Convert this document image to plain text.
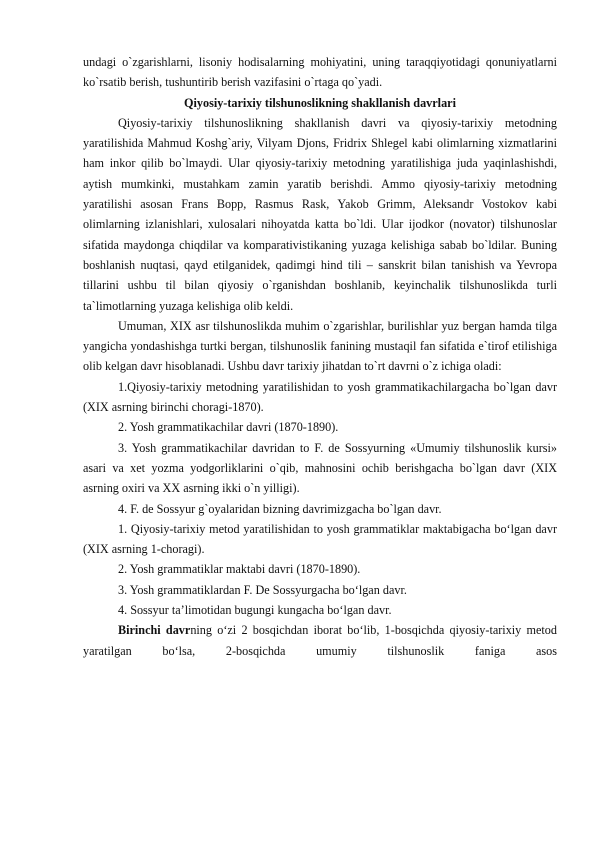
undagi o`zgarishlarni, lisoniy hodisalarning mohiyatini, uning taraqqiyotidagi qonuniyatlarni ko`rsatib berish, tushuntirib berish vazifasini o`rtaga qo`yadi.

Qiyosiy-tarixiy tilshunoslikning shakllanish davrlari

Qiyosiy-tarixiy tilshunoslikning shakllanish davri va qiyosiy-tarixiy metodning yaratilishida Mahmud Koshg`ariy, Vilyam Djons, Fridrix Shlegel kabi olimlarning xizmatlarini ham inkor qilib bo`lmaydi. Ular qiyosiy-tarixiy metodning yaratilishiga juda yaqinlashishdi, aytish mumkinki, mustahkam zamin yaratib berishdi. Ammo qiyosiy-tarixiy metodning yaratilishi asosan Frans Bopp, Rasmus Rask, Yakob Grimm, Aleksandr Vostokov kabi olimlarning izlanishlari, xulosalari nihoyatda katta bo`ldi. Ular ijodkor (novator) tilshunoslar sifatida maydonga chiqdilar va komparativistikaning yuzaga kelishiga sabab bo`ldilar. Buning boshlanish nuqtasi, qayd etilganidek, qadimgi hind tili – sanskrit bilan tanishish va Yevropa tillarini ushbu til bilan qiyosiy o`rganishdan boshlanib, keyinchalik tilshunoslikda turli ta`limotlarning yuzaga kelishiga olib keldi.

Umuman, XIX asr tilshunoslikda muhim o`zgarishlar, burilishlar yuz bergan hamda tilga yangicha yondashishga turtki bergan, tilshunoslik fanining mustaqil fan sifatida e`tirof etilishiga olib kelgan davr hisoblanadi. Ushbu davr tarixiy jihatdan to`rt davrni o`z ichiga oladi:

1.Qiyosiy-tarixiy metodning yaratilishidan to yosh grammatikachilargacha bo`lgan davr (XIX asrning birinchi choragi-1870).

2. Yosh grammatikachilar davri (1870-1890).

3. Yosh grammatikachilar davridan to F. de Sossyurning «Umumiy tilshunoslik kursi» asari va xet yozma yodgorliklarini o`qib, mahnosini ochib berishgacha bo`lgan davr (XIX asrning oxiri va XX asrning ikki o`n yilligi).

4. F. de Sossyur g`oyalaridan bizning davrimizgacha bo`lgan davr.

1. Qiyosiy-tarixiy metod yaratilishidan to yosh grammatiklar maktabigacha bo‘lgan davr (XIX asrning 1-choragi).

2. Yosh grammatiklar maktabi davri (1870-1890).

3. Yosh grammatiklardan F. De Sossyurgacha bo‘lgan davr.

4. Sossyur ta’limotidan bugungi kungacha bo‘lgan davr.

Birinchi davrning o‘zi 2 bosqichdan iborat bo‘lib, 1-bosqichda qiyosiy-tarixiy metod yaratilgan bo‘lsa, 2-bosqichda umumiy tilshunoslik faniga asos
